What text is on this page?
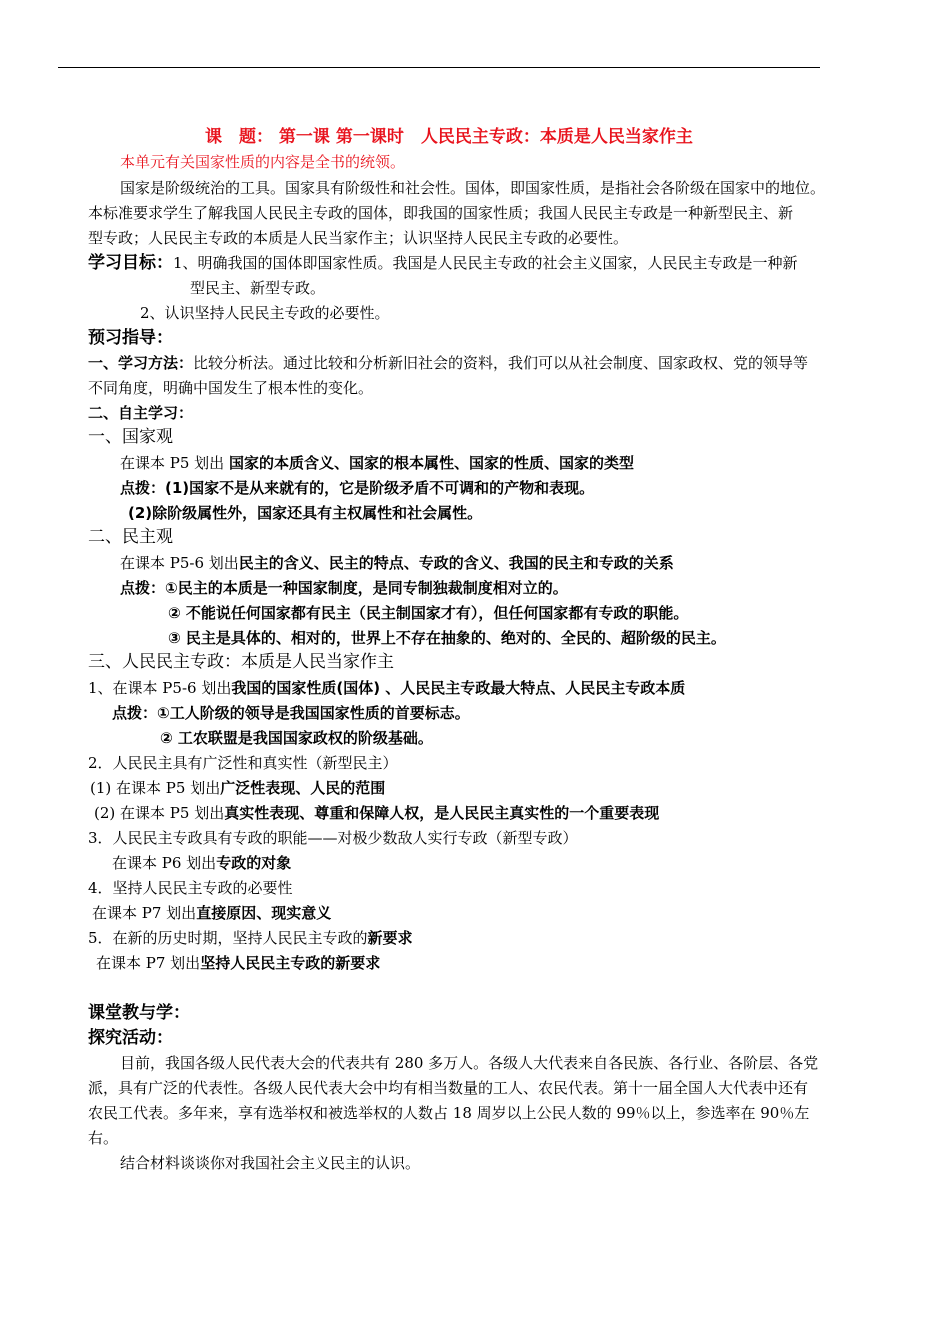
课　题： 第一课 第一课时　人民民主专政：本质是人民当家作主
本单元有关国家性质的内容是全书的统领。
国家是阶级统治的工具。国家具有阶级性和社会性。国体，即国家性质，是指社会各阶级在国家中的地位。
本标准要求学生了解我国人民民主专政的国体，即我国的国家性质；我国人民民主专政是一种新型民主、新
型专政；人民民主专政的本质是人民当家作主；认识坚持人民民主专政的必要性。
学习目标：1、明确我国的国体即国家性质。我国是人民民主专政的社会主义国家，人民民主专政是一种新
型民主、新型专政。
2、认识坚持人民民主专政的必要性。
预习指导：
一、学习方法：比较分析法。通过比较和分析新旧社会的资料，我们可以从社会制度、国家政权、党的领导等
不同角度，明确中国发生了根本性的变化。
二、自主学习：
一、国家观
在课本 P5 划出 国家的本质含义、国家的根本属性、国家的性质、国家的类型
点拨：(1)国家不是从来就有的，它是阶级矛盾不可调和的产物和表现。
(2)除阶级属性外，国家还具有主权属性和社会属性。
二、民主观
在课本 P5-6 划出民主的含义、民主的特点、专政的含义、我国的民主和专政的关系
点拨：①民主的本质是一种国家制度，是同专制独裁制度相对立的。
② 不能说任何国家都有民主（民主制国家才有），但任何国家都有专政的职能。
③ 民主是具体的、相对的，世界上不存在抽象的、绝对的、全民的、超阶级的民主。
三、人民民主专政：本质是人民当家作主
1、在课本 P5-6 划出我国的国家性质(国体) 、人民民主专政最大特点、人民民主专政本质
点拨：①工人阶级的领导是我国国家性质的首要标志。
② 工农联盟是我国国家政权的阶级基础。
2．人民民主具有广泛性和真实性（新型民主）
(1) 在课本 P5 划出广泛性表现、人民的范围
(2) 在课本 P5 划出真实性表现、尊重和保障人权，是人民民主真实性的一个重要表现
3．人民民主专政具有专政的职能——对极少数敌人实行专政（新型专政）
在课本 P6 划出专政的对象
4．坚持人民民主专政的必要性
在课本 P7 划出直接原因、现实意义
5．在新的历史时期，坚持人民民主专政的新要求
在课本 P7 划出坚持人民民主专政的新要求
课堂教与学：
探究活动：
目前，我国各级人民代表大会的代表共有 280 多万人。各级人大代表来自各民族、各行业、各阶层、各党
派，具有广泛的代表性。各级人民代表大会中均有相当数量的工人、农民代表。第十一届全国人大代表中还有
农民工代表。多年来，享有选举权和被选举权的人数占 18 周岁以上公民人数的 99％以上，参选率在 90％左
右。
结合材料谈谈你对我国社会主义民主的认识。
